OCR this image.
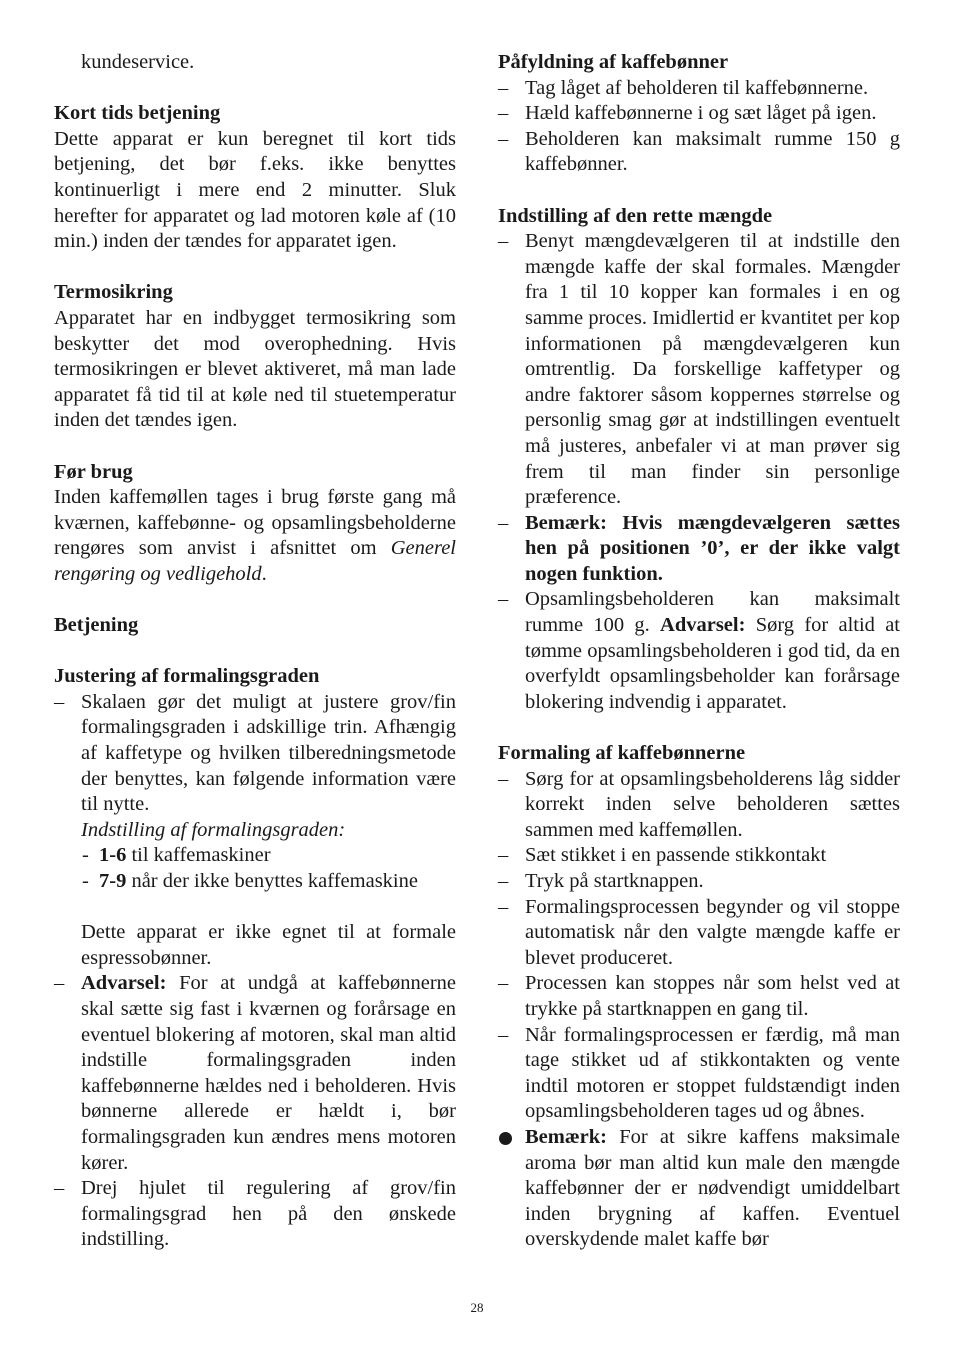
kundeservice.

Kort tids betjening

Dette apparat er kun beregnet til kort tids betjening, det bør f.eks. ikke benyttes kontinuerligt i mere end 2 minutter. Sluk herefter for apparatet og lad motoren køle af (10 min.) inden der tændes for apparatet igen.

Termosikring

Apparatet har en indbygget termosikring som beskytter det mod overophedning. Hvis termosikringen er blevet aktiveret, må man lade apparatet få tid til at køle ned til stuetemperatur inden det tændes igen.

Før brug

Inden kaffemøllen tages i brug første gang må kværnen, kaffebønne- og opsamlingsbeholderne rengøres som anvist i afsnittet om Generel rengøring og vedligehold.

Betjening

Justering af formalingsgraden

– Skalaen gør det muligt at justere grov/fin formalingsgraden i adskillige trin. Afhængig af kaffetype og hvilken tilberedningsmetode der benyttes, kan følgende information være til nytte.

Indstilling af formalingsgraden:

- 1-6 til kaffemaskiner
- 7-9 når der ikke benyttes kaffemaskine

Dette apparat er ikke egnet til at formale espressobønner.

– Advarsel: For at undgå at kaffebønnerne skal sætte sig fast i kværnen og forårsage en eventuel blokering af motoren, skal man altid indstille formalingsgraden inden kaffebønnerne hældes ned i beholderen. Hvis bønnerne allerede er hældt i, bør formalingsgraden kun ændres mens motoren kører.
– Drej hjulet til regulering af grov/fin formalingsgrad hen på den ønskede indstilling.

Påfyldning af kaffebønner

– Tag låget af beholderen til kaffebønnerne.
– Hæld kaffebønnerne i og sæt låget på igen.
– Beholderen kan maksimalt rumme 150 g kaffebønner.

Indstilling af den rette mængde

– Benyt mængdevælgeren til at indstille den mængde kaffe der skal formales. Mængder fra 1 til 10 kopper kan formales i en og samme proces. Imidlertid er kvantitet per kop informationen på mængdevælgeren kun omtrentlig. Da forskellige kaffetyper og andre faktorer såsom koppernes størrelse og personlig smag gør at indstillingen eventuelt må justeres, anbefaler vi at man prøver sig frem til man finder sin personlige præference.
– Bemærk: Hvis mængdevælgeren sættes hen på positionen ’0’, er der ikke valgt nogen funktion.
– Opsamlingsbeholderen kan maksimalt rumme 100 g. Advarsel: Sørg for altid at tømme opsamlingsbeholderen i god tid, da en overfyldt opsamlingsbeholder kan forårsage blokering indvendig i apparatet.

Formaling af kaffebønnerne

– Sørg for at opsamlingsbeholderens låg sidder korrekt inden selve beholderen sættes sammen med kaffemøllen.
– Sæt stikket i en passende stikkontakt
– Tryk på startknappen.
– Formalingsprocessen begynder og vil stoppe automatisk når den valgte mængde kaffe er blevet produceret.
– Processen kan stoppes når som helst ved at trykke på startknappen en gang til.
– Når formalingsprocessen er færdig, må man tage stikket ud af stikkontakten og vente indtil motoren er stoppet fuldstændigt inden opsamlingsbeholderen tages ud og åbnes.
Bemærk: For at sikre kaffens maksimale aroma bør man altid kun male den mængde kaffebønner der er nødvendigt umiddelbart inden brygning af kaffen. Eventuel overskydende malet kaffe bør
28
